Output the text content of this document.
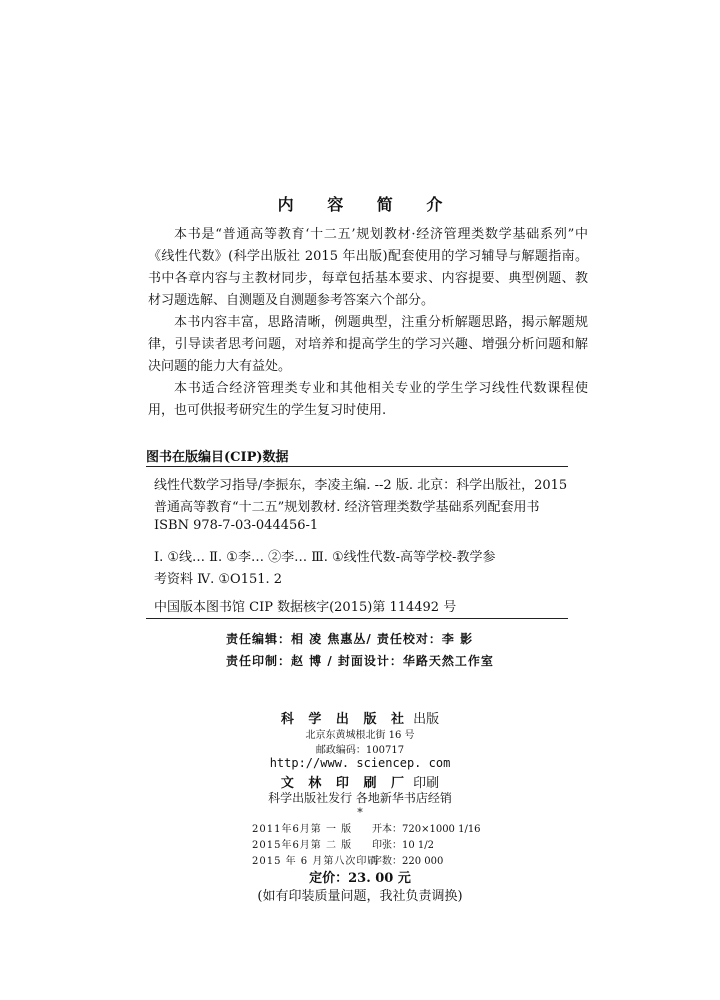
内 容 简 介

本书是“普通高等教育‘十二五’规划教材·经济管理类数学基础系列”中《线性代数》(科学出版社 2015 年出版)配套使用的学习辅导与解题指南。书中各章内容与主教材同步，每章包括基本要求、内容提要、典型例题、教材习题选解、自测题及自测题参考答案六个部分。

本书内容丰富，思路清晰，例题典型，注重分析解题思路，揭示解题规律，引导读者思考问题，对培养和提高学生的学习兴趣、增强分析问题和解决问题的能力大有益处。

本书适合经济管理类专业和其他相关专业的学生学习线性代数课程使用，也可供报考研究生的学生复习时使用.

图书在版编目(CIP)数据
线性代数学习指导/李振东，李凌主编. --2 版. 北京：科学出版社，2015
普通高等教育“十二五”规划教材. 经济管理类数学基础系列配套用书
ISBN 978-7-03-044456-1
Ⅰ. ①线… Ⅱ. ①李… ②李… Ⅲ. ①线性代数-高等学校-教学参
考资料 Ⅳ. ①O151. 2
中国版本图书馆 CIP 数据核字(2015)第 114492 号
责任编辑：相 凌 焦惠丛/ 责任校对：李 影
责任印制：赵 博 / 封面设计：华路天然工作室
科 学 出 版 社 出版
北京东黄城根北街 16 号
邮政编码：100717
http://www. sciencep. com
文 林 印 刷 厂 印刷
科学出版社发行 各地新华书店经销
*
2011年6月第 一 版 开本：720×1000 1/16
2015年6月第 二 版 印张：10 1/2
2015 年 6 月第八次印刷字数：220 000
定价：23. 00 元
(如有印装质量问题，我社负责调换)
